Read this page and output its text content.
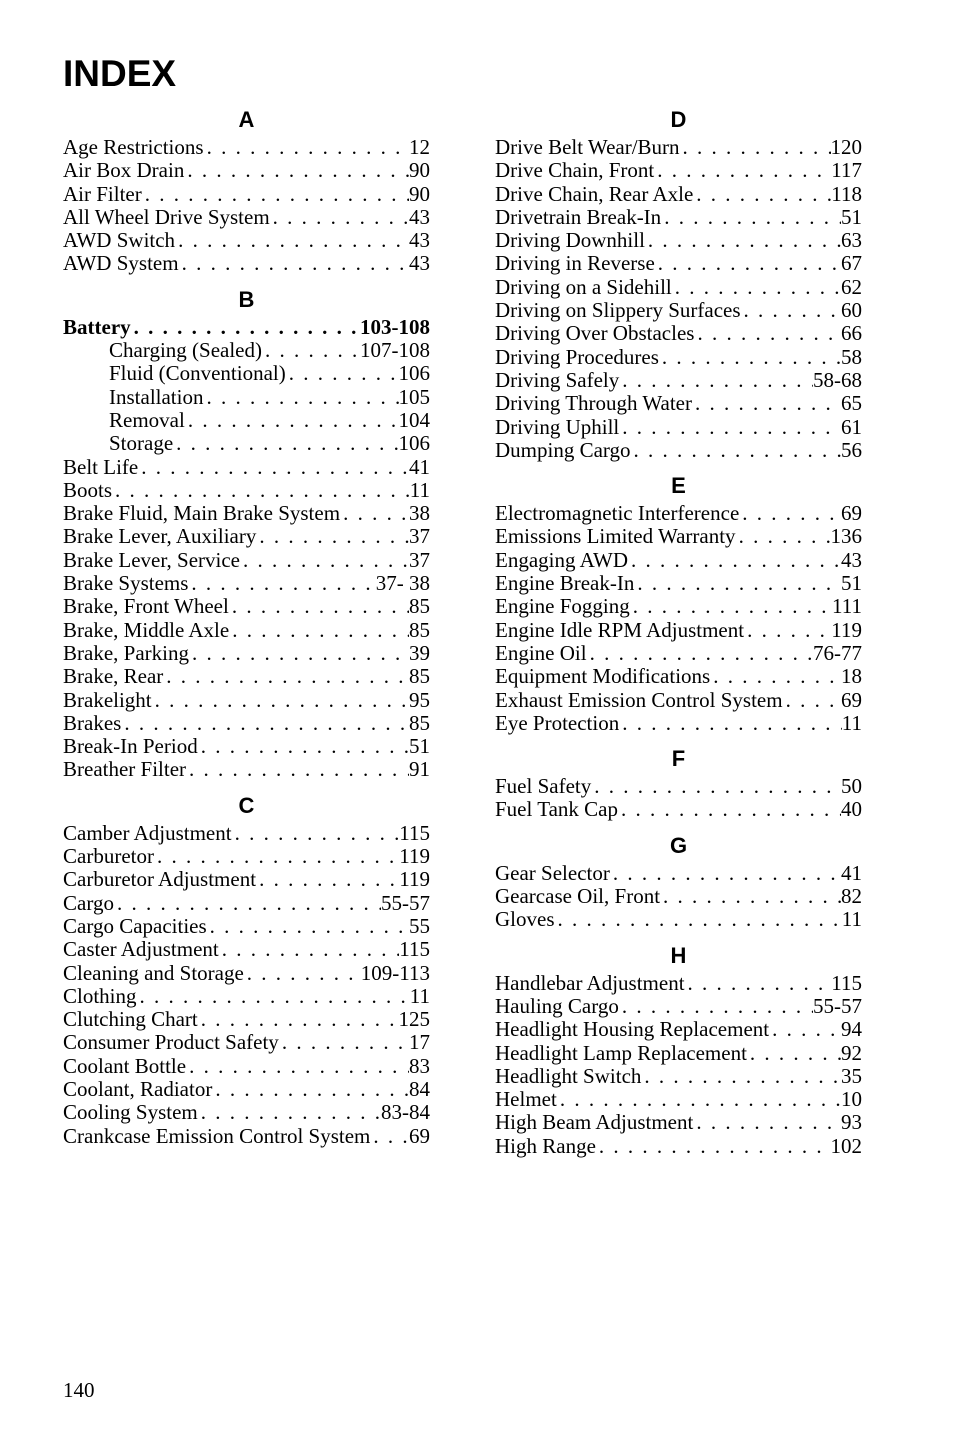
INDEX
A
Age Restrictions . . .	12
Air Box Drain . . .	90
Air Filter . . .	90
All Wheel Drive System . . .	43
AWD Switch . . .	43
AWD System . . .	43
B
Battery . . .	103-108
Charging (Sealed) . . .	107-108
Fluid (Conventional) . . .	106
Installation . . .	105
Removal . . .	104
Storage . . .	106
Belt Life . . .	41
Boots . . .	11
Brake Fluid, Main Brake System . . .	38
Brake Lever, Auxiliary . . .	37
Brake Lever, Service . . .	37
Brake Systems . . .	37- 38
Brake, Front Wheel . . .	85
Brake, Middle Axle . . .	85
Brake, Parking . . .	39
Brake, Rear . . .	85
Brakelight . . .	95
Brakes . . .	85
Break-In Period . . .	51
Breather Filter . . .	91
C
Camber Adjustment . . .	115
Carburetor . . .	119
Carburetor Adjustment . . .	119
Cargo . . .	55-57
Cargo Capacities . . .	55
Caster Adjustment . . .	115
Cleaning and Storage . . .	109-113
Clothing . . .	11
Clutching Chart . . .	125
Consumer Product Safety . . .	17
Coolant Bottle . . .	83
Coolant, Radiator . . .	84
Cooling System . . .	83-84
Crankcase Emission Control System . . . 69
D
Drive Belt Wear/Burn . . .	120
Drive Chain, Front . . .	117
Drive Chain, Rear Axle . . .	118
Drivetrain Break-In . . .	51
Driving Downhill . . .	63
Driving in Reverse . . .	67
Driving on a Sidehill . . .	62
Driving on Slippery Surfaces . . .	60
Driving Over Obstacles . . .	66
Driving Procedures . . .	58
Driving Safely . . .	58-68
Driving Through Water . . .	65
Driving Uphill . . .	61
Dumping Cargo . . .	56
E
Electromagnetic Interference . . .	69
Emissions Limited Warranty . . .	136
Engaging AWD . . .	43
Engine Break-In . . .	51
Engine Fogging . . .	111
Engine Idle RPM Adjustment . . .	119
Engine Oil . . .	76-77
Equipment Modifications . . .	18
Exhaust Emission Control System . . .	69
Eye Protection . . .	11
F
Fuel Safety . . .	50
Fuel Tank Cap . . .	40
G
Gear Selector . . .	41
Gearcase Oil, Front . . .	82
Gloves . . .	11
H
Handlebar Adjustment . . .	115
Hauling Cargo . . .	55-57
Headlight Housing Replacement . . .	94
Headlight Lamp Replacement . . .	92
Headlight Switch . . .	35
Helmet . . .	10
High Beam Adjustment . . .	93
High Range . . .	102
140
